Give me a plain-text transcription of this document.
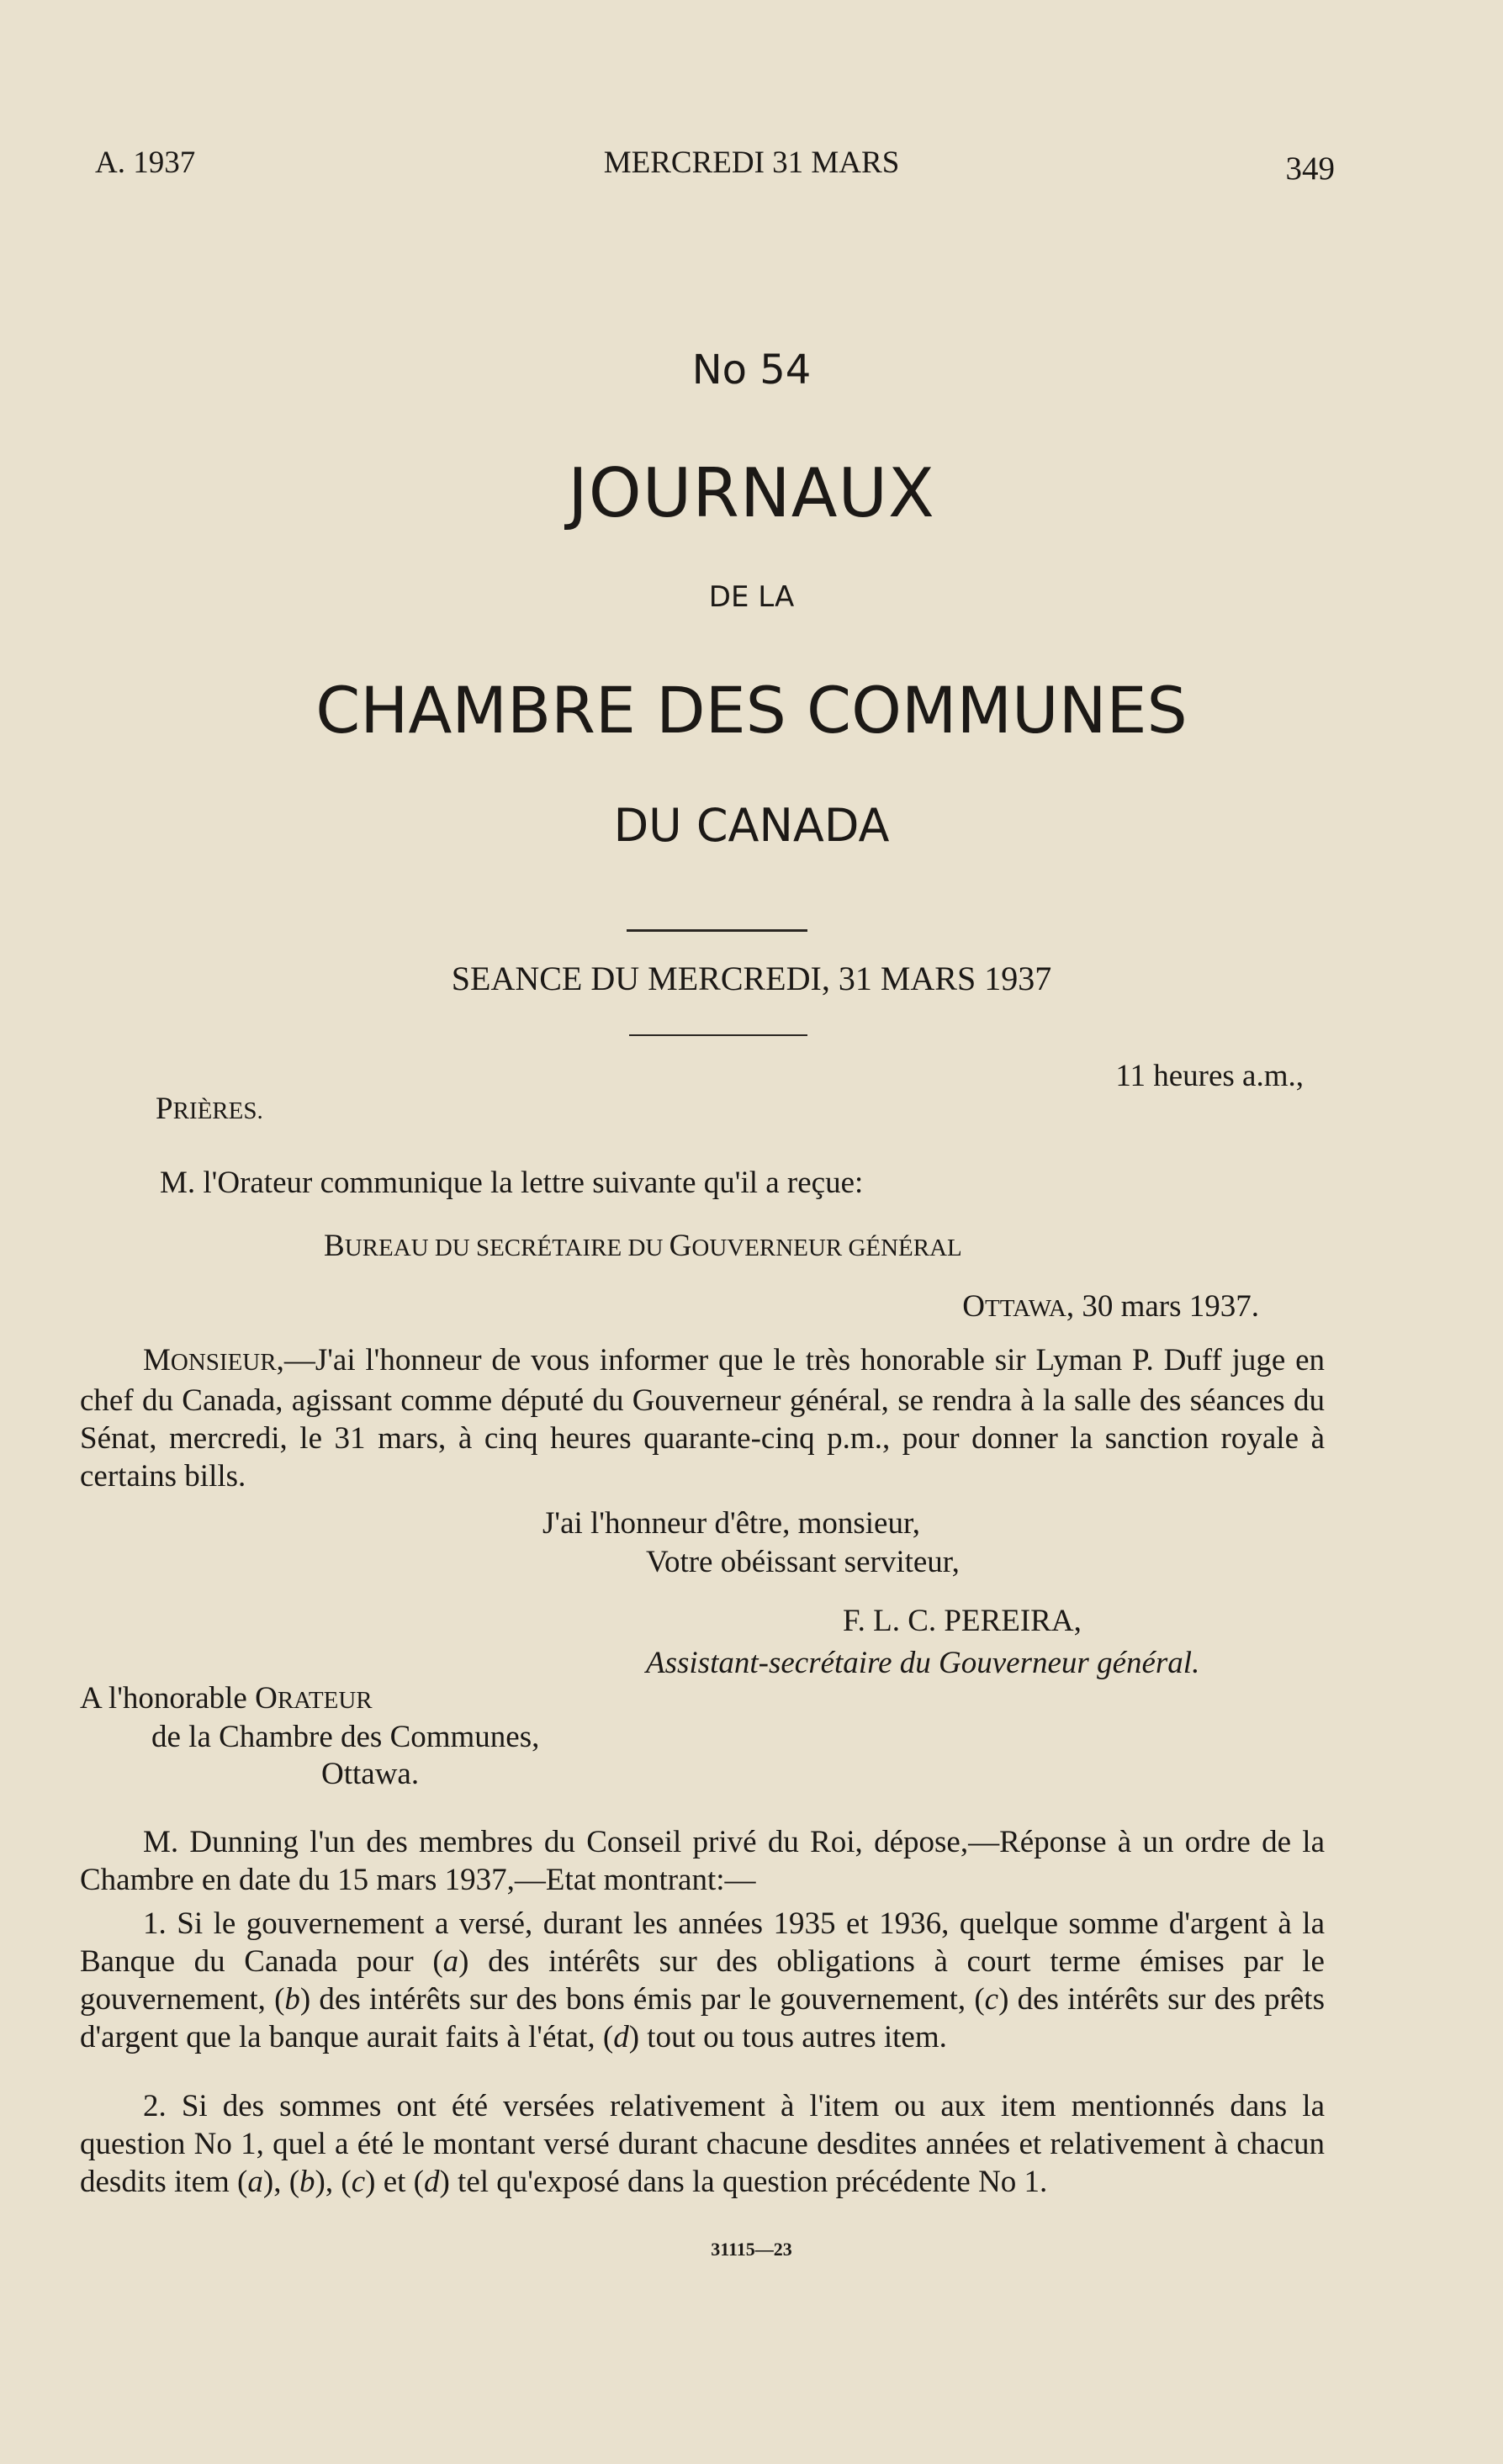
A. 1937	MERCREDI 31 MARS	349
No 54
JOURNAUX
DE LA
CHAMBRE DES COMMUNES
DU CANADA
SEANCE DU MERCREDI, 31 MARS 1937
11 heures a.m.,
PRIÈRES.
M. l'Orateur communique la lettre suivante qu'il a reçue:
BUREAU DU SECRÉTAIRE DU GOUVERNEUR GÉNÉRAL
OTTAWA, 30 mars 1937.
MONSIEUR,—J'ai l'honneur de vous informer que le très honorable sir Lyman P. Duff juge en chef du Canada, agissant comme député du Gouverneur général, se rendra à la salle des séances du Sénat, mercredi, le 31 mars, à cinq heures quarante-cinq p.m., pour donner la sanction royale à certains bills.
J'ai l'honneur d'être, monsieur,
Votre obéissant serviteur,
F. L. C. PEREIRA,
Assistant-secrétaire du Gouverneur général.
A l'honorable ORATEUR
de la Chambre des Communes,
Ottawa.
M. Dunning l'un des membres du Conseil privé du Roi, dépose,—Réponse à un ordre de la Chambre en date du 15 mars 1937,—Etat montrant:—
1. Si le gouvernement a versé, durant les années 1935 et 1936, quelque somme d'argent à la Banque du Canada pour (a) des intérêts sur des obligations à court terme émises par le gouvernement, (b) des intérêts sur des bons émis par le gouvernement, (c) des intérêts sur des prêts d'argent que la banque aurait faits à l'état, (d) tout ou tous autres item.
2. Si des sommes ont été versées relativement à l'item ou aux item mentionnés dans la question No 1, quel a été le montant versé durant chacune desdites années et relativement à chacun desdits item (a), (b), (c) et (d) tel qu'exposé dans la question précédente No 1.
31115—23
